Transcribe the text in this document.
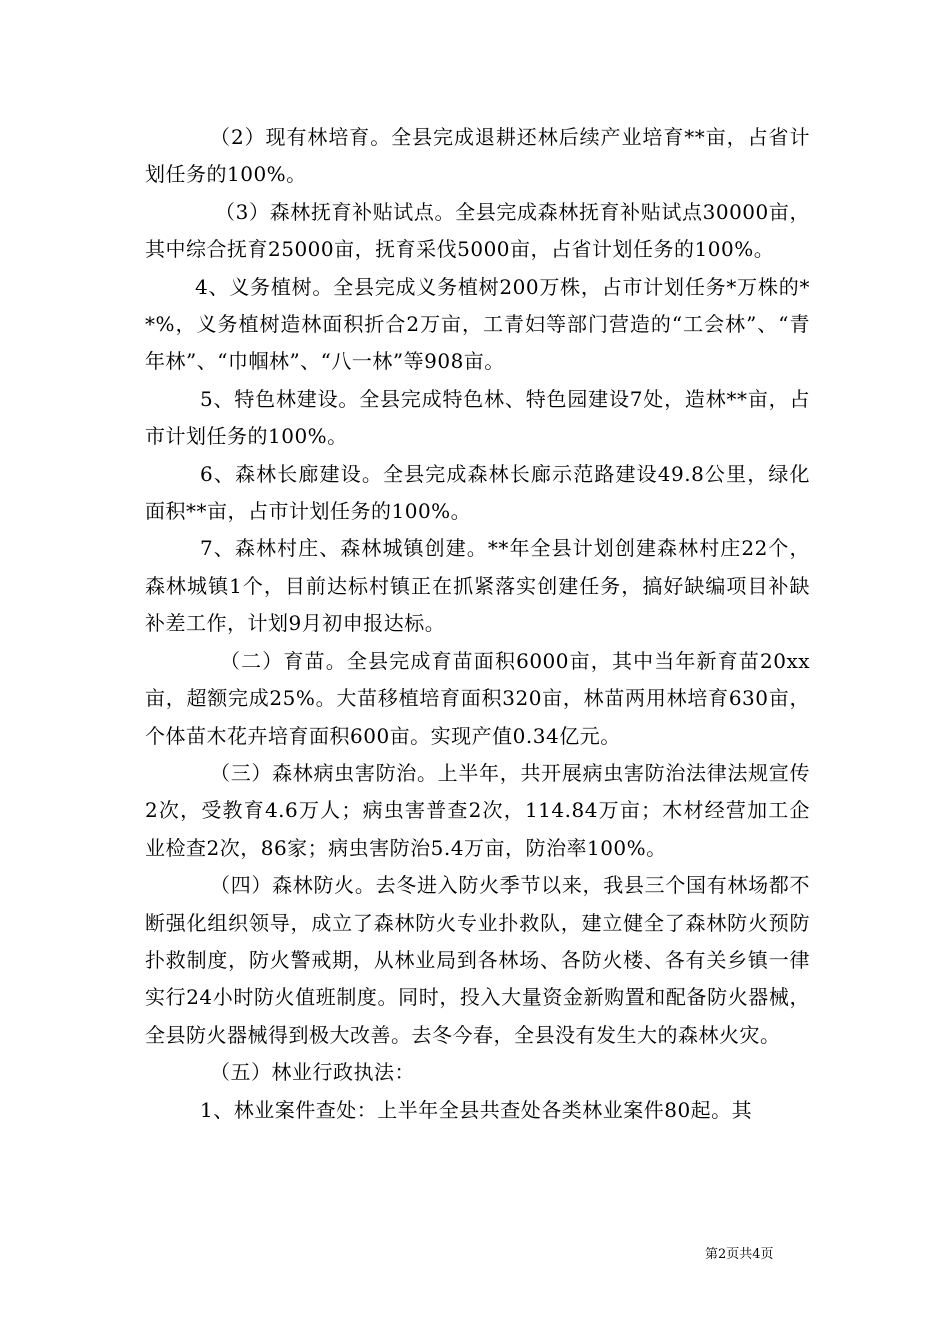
（2）现有林培育。全县完成退耕还林后续产业培育**亩，占省计划任务的100%。

（3）森林抚育补贴试点。全县完成森林抚育补贴试点30000亩，其中综合抚育25000亩，抚育采伐5000亩，占省计划任务的100%。

4、义务植树。全县完成义务植树200万株，占市计划任务*万株的**%，义务植树造林面积折合2万亩，工青妇等部门营造的“工会林”、“青年林”、“巾帼林”、“八一林”等908亩。

5、特色林建设。全县完成特色林、特色园建设7处，造林**亩，占市计划任务的100%。

6、森林长廊建设。全县完成森林长廊示范路建设49.8公里，绿化面积**亩，占市计划任务的100%。

7、森林村庄、森林城镇创建。**年全县计划创建森林村庄22个，森林城镇1个，目前达标村镇正在抓紧落实创建任务，搞好缺编项目补缺补差工作，计划9月初申报达标。

（二）育苗。全县完成育苗面积6000亩，其中当年新育苗20xx亩，超额完成25%。大苗移植培育面积320亩，林苗两用林培育630亩，个体苗木花卉培育面积600亩。实现产值0.34亿元。

（三）森林病虫害防治。上半年，共开展病虫害防治法律法规宣传2次，受教育4.6万人；病虫害普查2次，114.84万亩；木材经营加工企业检查2次，86家；病虫害防治5.4万亩，防治率100%。

（四）森林防火。去冬进入防火季节以来，我县三个国有林场都不断强化组织领导，成立了森林防火专业扑救队，建立健全了森林防火预防扑救制度，防火警戒期，从林业局到各林场、各防火楼、各有关乡镇一律实行24小时防火值班制度。同时，投入大量资金新购置和配备防火器械，全县防火器械得到极大改善。去冬今春，全县没有发生大的森林火灾。

（五）林业行政执法：

1、林业案件查处：上半年全县共查处各类林业案件80起。其

第2页共4页
